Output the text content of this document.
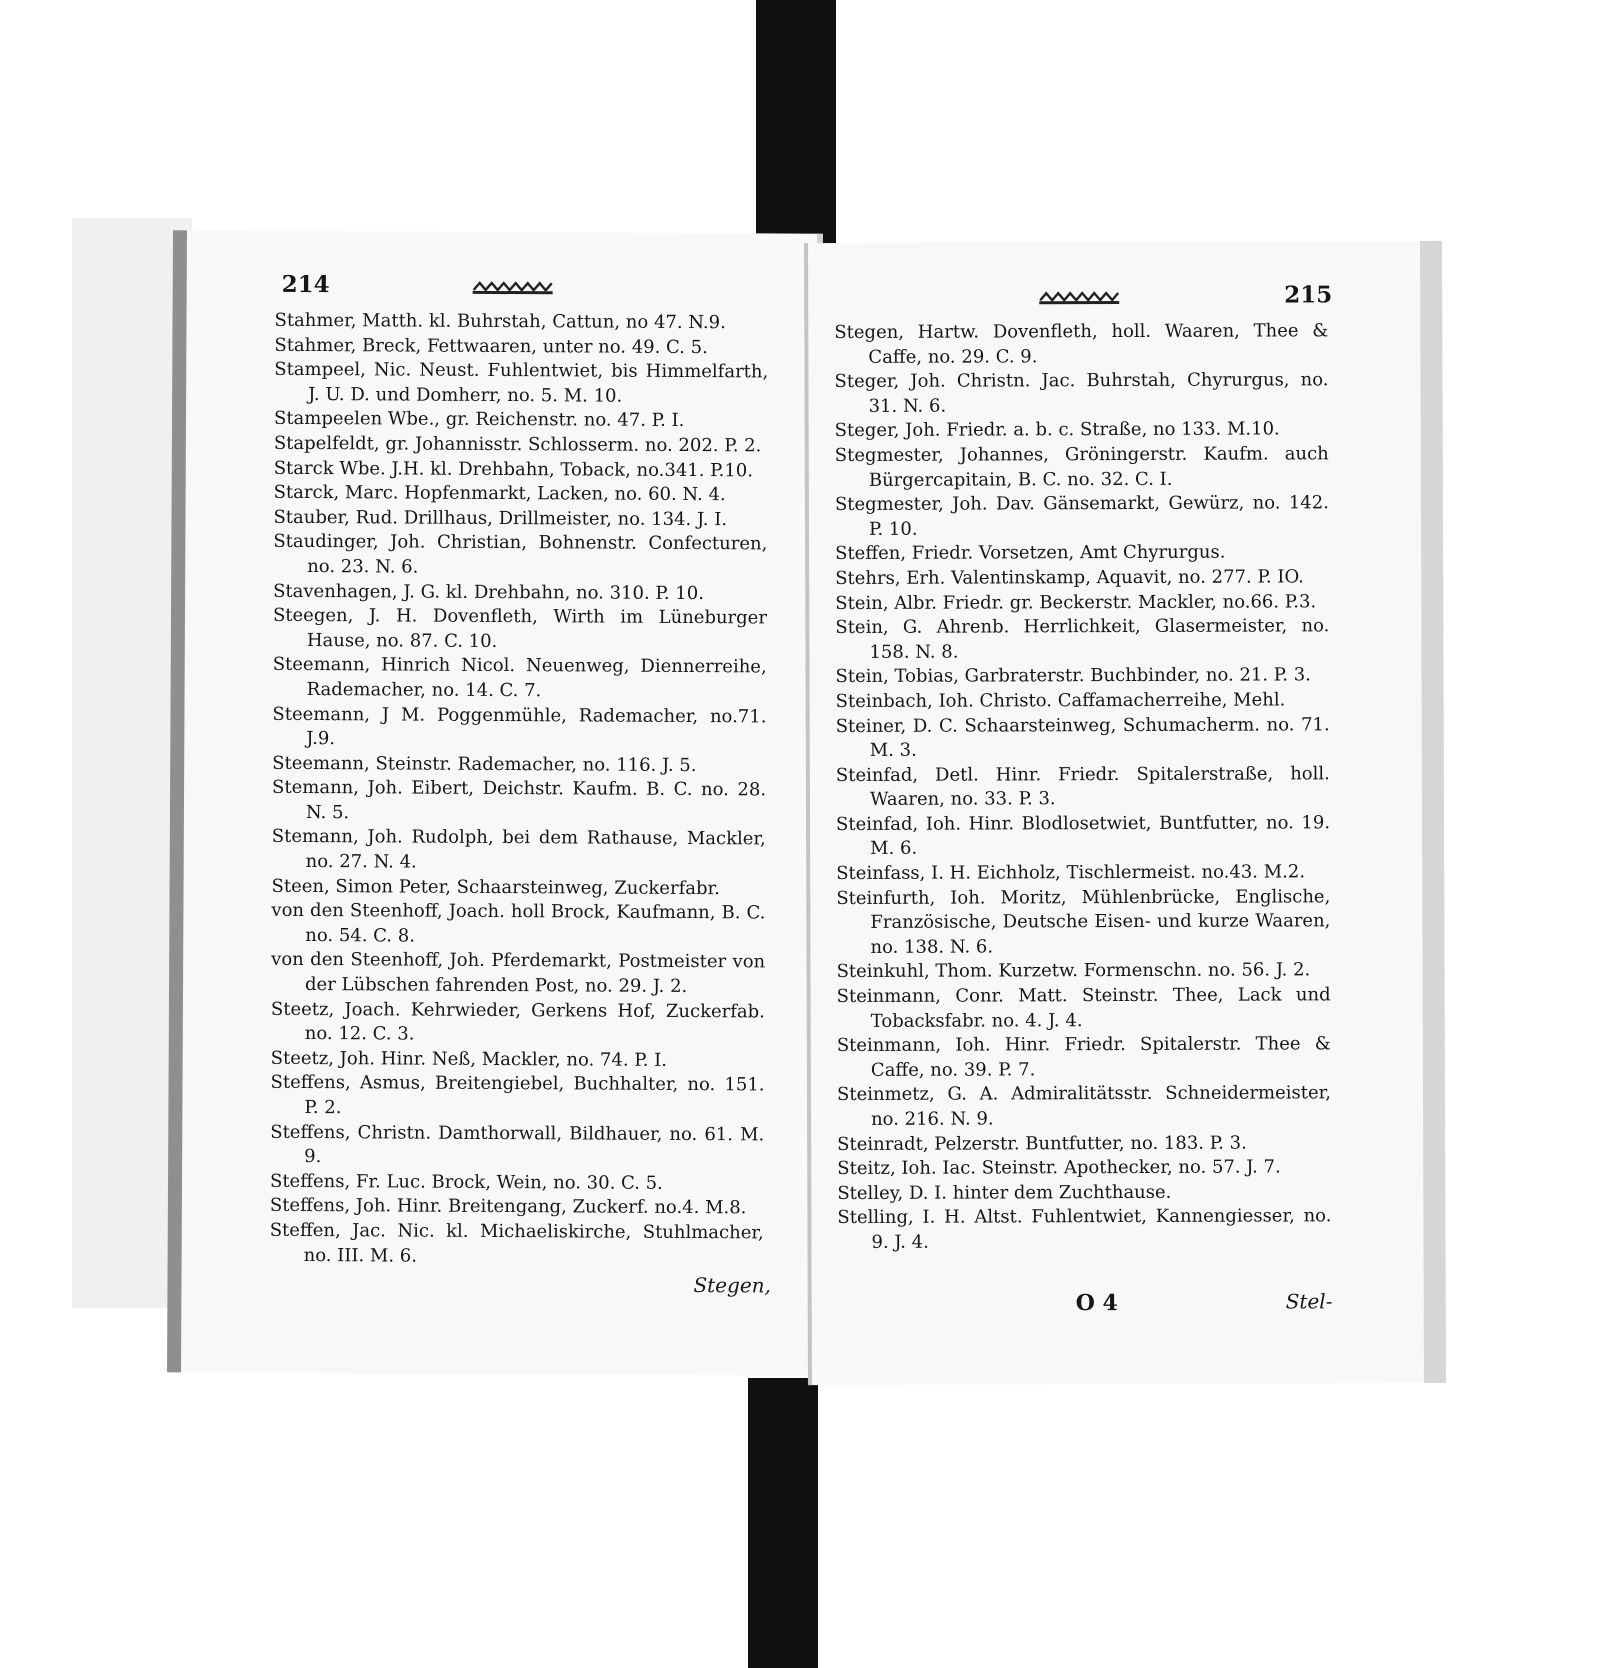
214

Stahmer, Matth. kl. Buhrstah, Cattun, no 47. N.9.

Stahmer, Breck, Fettwaaren, unter no. 49. C. 5.

Stampeel, Nic. Neust. Fuhlentwiet, bis Himmelfarth, J. U. D. und Domherr, no. 5. M. 10.

Stampeelen Wbe., gr. Reichenstr. no. 47. P. I.

Stapelfeldt, gr. Johannisstr. Schlosserm. no. 202. P. 2.

Starck Wbe. J.H. kl. Drehbahn, Toback, no.341. P.10.

Starck, Marc. Hopfenmarkt, Lacken, no. 60. N. 4.

Stauber, Rud. Drillhaus, Drillmeister, no. 134. J. I.

Staudinger, Joh. Christian, Bohnenstr. Confecturen, no. 23. N. 6.

Stavenhagen, J. G. kl. Drehbahn, no. 310. P. 10.

Steegen, J. H. Dovenfleth, Wirth im Lüneburger Hause, no. 87. C. 10.

Steemann, Hinrich Nicol. Neuenweg, Diennerreihe, Rademacher, no. 14. C. 7.

Steemann, J M. Poggenmühle, Rademacher, no.71. J.9.

Steemann, Steinstr. Rademacher, no. 116. J. 5.

Stemann, Joh. Eibert, Deichstr. Kaufm. B. C. no. 28. N. 5.

Stemann, Joh. Rudolph, bei dem Rathause, Mackler, no. 27. N. 4.

Steen, Simon Peter, Schaarsteinweg, Zuckerfabr.

von den Steenhoff, Joach. holl Brock, Kaufmann, B. C. no. 54. C. 8.

von den Steenhoff, Joh. Pferdemarkt, Postmeister von der Lübschen fahrenden Post, no. 29. J. 2.

Steetz, Joach. Kehrwieder, Gerkens Hof, Zuckerfab. no. 12. C. 3.

Steetz, Joh. Hinr. Neß, Mackler, no. 74. P. I.

Steffens, Asmus, Breitengiebel, Buchhalter, no. 151. P. 2.

Steffens, Christn. Damthorwall, Bildhauer, no. 61. M. 9.

Steffens, Fr. Luc. Brock, Wein, no. 30. C. 5.

Steffens, Joh. Hinr. Breitengang, Zuckerf. no.4. M.8.

Steffen, Jac. Nic. kl. Michaeliskirche, Stuhlmacher, no. III. M. 6.

Stegen,
215

Stegen, Hartw. Dovenfleth, holl. Waaren, Thee & Caffe, no. 29. C. 9.

Steger, Joh. Christn. Jac. Buhrstah, Chyrurgus, no. 31. N. 6.

Steger, Joh. Friedr. a. b. c. Straße, no 133. M.10.

Stegmester, Johannes, Gröningerstr. Kaufm. auch Bürgercapitain, B. C. no. 32. C. I.

Stegmester, Joh. Dav. Gänsemarkt, Gewürz, no. 142. P. 10.

Steffen, Friedr. Vorsetzen, Amt Chyrurgus.

Stehrs, Erh. Valentinskamp, Aquavit, no. 277. P. IO.

Stein, Albr. Friedr. gr. Beckerstr. Mackler, no.66. P.3.

Stein, G. Ahrenb. Herrlichkeit, Glasermeister, no. 158. N. 8.

Stein, Tobias, Garbraterstr. Buchbinder, no. 21. P. 3.

Steinbach, Ioh. Christo. Caffamacherreihe, Mehl.

Steiner, D. C. Schaarsteinweg, Schumacherm. no. 71. M. 3.

Steinfad, Detl. Hinr. Friedr. Spitalerstraße, holl. Waaren, no. 33. P. 3.

Steinfad, Ioh. Hinr. Blodlosetwiet, Buntfutter, no. 19. M. 6.

Steinfass, I. H. Eichholz, Tischlermeist. no.43. M.2.

Steinfurth, Ioh. Moritz, Mühlenbrücke, Englische, Französische, Deutsche Eisen- und kurze Waaren, no. 138. N. 6.

Steinkuhl, Thom. Kurzetw. Formenschn. no. 56. J. 2.

Steinmann, Conr. Matt. Steinstr. Thee, Lack und Tobacksfabr. no. 4. J. 4.

Steinmann, Ioh. Hinr. Friedr. Spitalerstr. Thee & Caffe, no. 39. P. 7.

Steinmetz, G. A. Admiralitätsstr. Schneidermeister, no. 216. N. 9.

Steinradt, Pelzerstr. Buntfutter, no. 183. P. 3.

Steitz, Ioh. Iac. Steinstr. Apothecker, no. 57. J. 7.

Stelley, D. I. hinter dem Zuchthause.

Stelling, I. H. Altst. Fuhlentwiet, Kannengiesser, no. 9. J. 4.

O 4	Stel-
